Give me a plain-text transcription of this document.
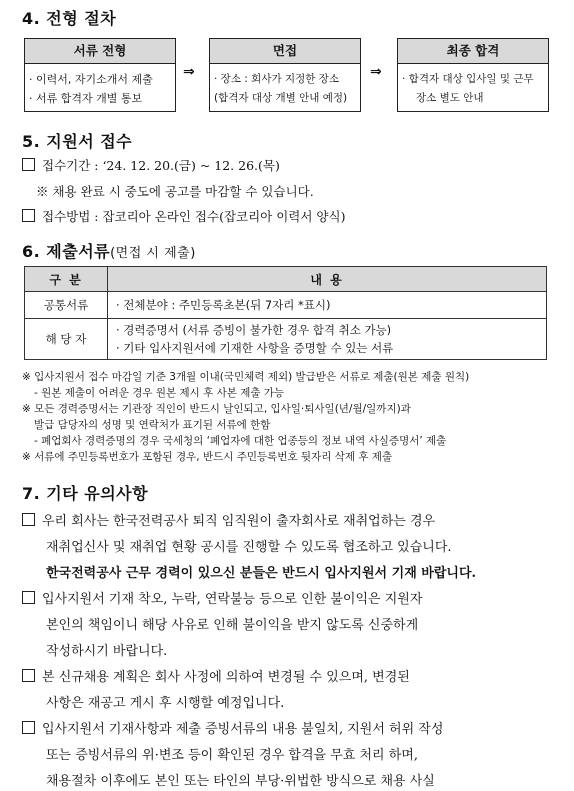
4. 전형 절차
서류 전형
· 이력서, 자기소개서 제출
· 서류 합격자 개별 통보
⇒
면접
· 장소 : 회사가 지정한 장소
(합격자 대상 개별 안내 예정)
⇒
최종 합격
· 합격자 대상 입사일 및 근무
장소 별도 안내
5. 지원서 접수
접수기간 : ‘24. 12. 20.(금) ~ 12. 26.(목)
※ 채용 완료 시 중도에 공고를 마감할 수 있습니다.
접수방법 : 잡코리아 온라인 접수(잡코리아 이력서 양식)
6. 제출서류(면접 시 제출)
구 분	내 용
공통서류	· 전체분야 : 주민등록초본(뒤 7자리 *표시)
해 당 자	· 경력증명서 (서류 증빙이 불가한 경우 합격 취소 가능)
· 기타 입사지원서에 기재한 사항을 증명할 수 있는 서류
※ 입사지원서 접수 마감일 기준 3개월 이내(국민체력 제외) 발급받은 서류로 제출(원본 제출 원칙)
- 원본 제출이 어려운 경우 원본 제시 후 사본 제출 가능
※ 모든 경력증명서는 기관장 직인이 반드시 날인되고, 입사일·퇴사일(년/월/일까지)과
발급 담당자의 성명 및 연락처가 표기된 서류에 한함
- 폐업회사 경력증명의 경우 국세청의 ‘폐업자에 대한 업종등의 정보 내역 사실증명서’ 제출
※ 서류에 주민등록번호가 포함된 경우, 반드시 주민등록번호 뒷자리 삭제 후 제출
7. 기타 유의사항
우리 회사는 한국전력공사 퇴직 임직원이 출자회사로 재취업하는 경우
재취업신사 및 재취업 현황 공시를 진행할 수 있도록 협조하고 있습니다.
한국전력공사 근무 경력이 있으신 분들은 반드시 입사지원서 기재 바랍니다.
입사지원서 기재 착오, 누락, 연락불능 등으로 인한 불이익은 지원자
본인의 책임이니 해당 사유로 인해 불이익을 받지 않도록 신중하게
작성하시기 바랍니다.
본 신규채용 계획은 회사 사정에 의하여 변경될 수 있으며, 변경된
사항은 재공고 게시 후 시행할 예정입니다.
입사지원서 기재사항과 제출 증빙서류의 내용 불일치, 지원서 허위 작성
또는 증빙서류의 위·변조 등이 확인된 경우 합격을 무효 처리 하며,
채용절차 이후에도 본인 또는 타인의 부당·위법한 방식으로 채용 사실
